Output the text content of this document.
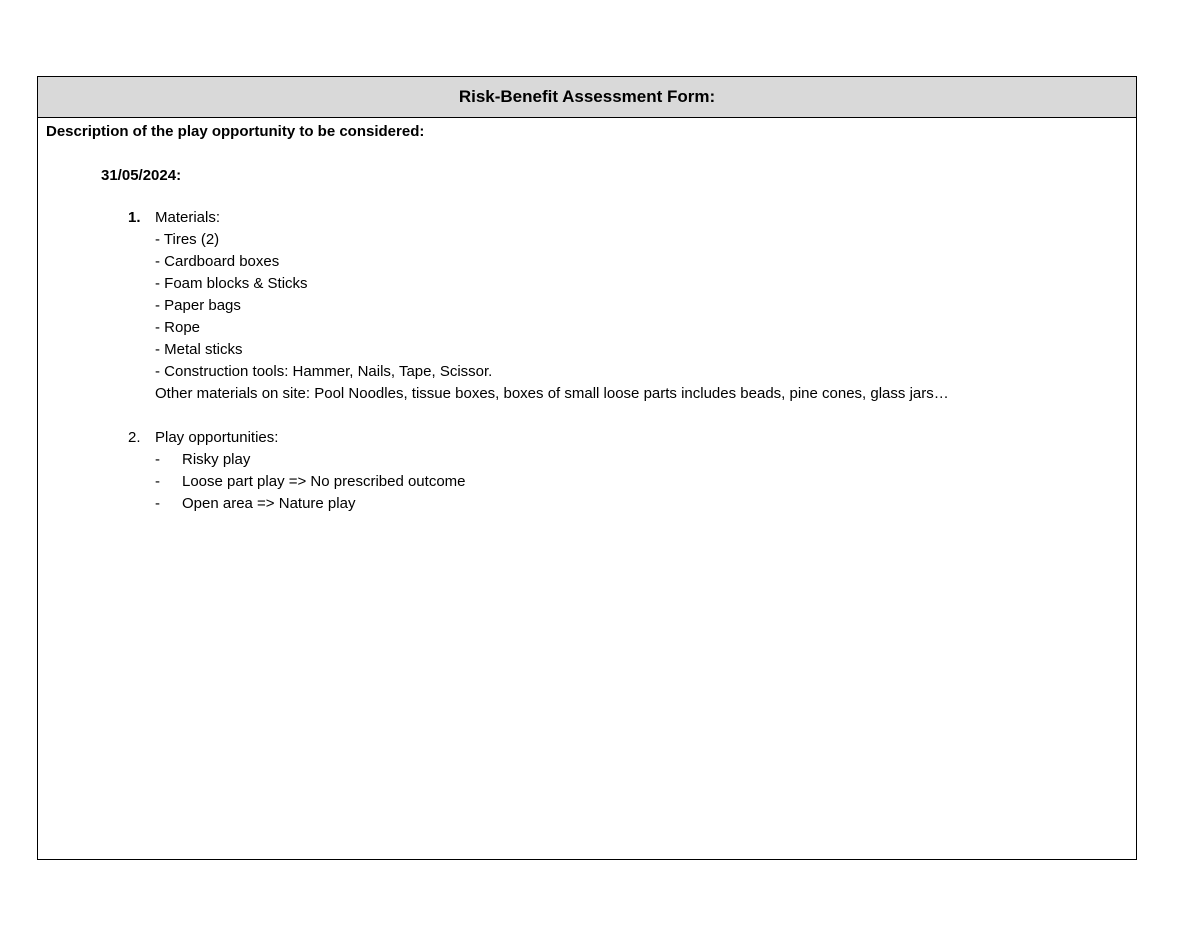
Risk-Benefit Assessment Form:
Description of the play opportunity to be considered:
31/05/2024:
1. Materials:
- Tires (2)
- Cardboard boxes
- Foam blocks & Sticks
- Paper bags
- Rope
- Metal sticks
- Construction tools: Hammer, Nails, Tape, Scissor.
Other materials on site: Pool Noodles, tissue boxes, boxes of small loose parts includes beads, pine cones, glass jars…
2. Play opportunities:
- Risky play
- Loose part play => No prescribed outcome
- Open area => Nature play
